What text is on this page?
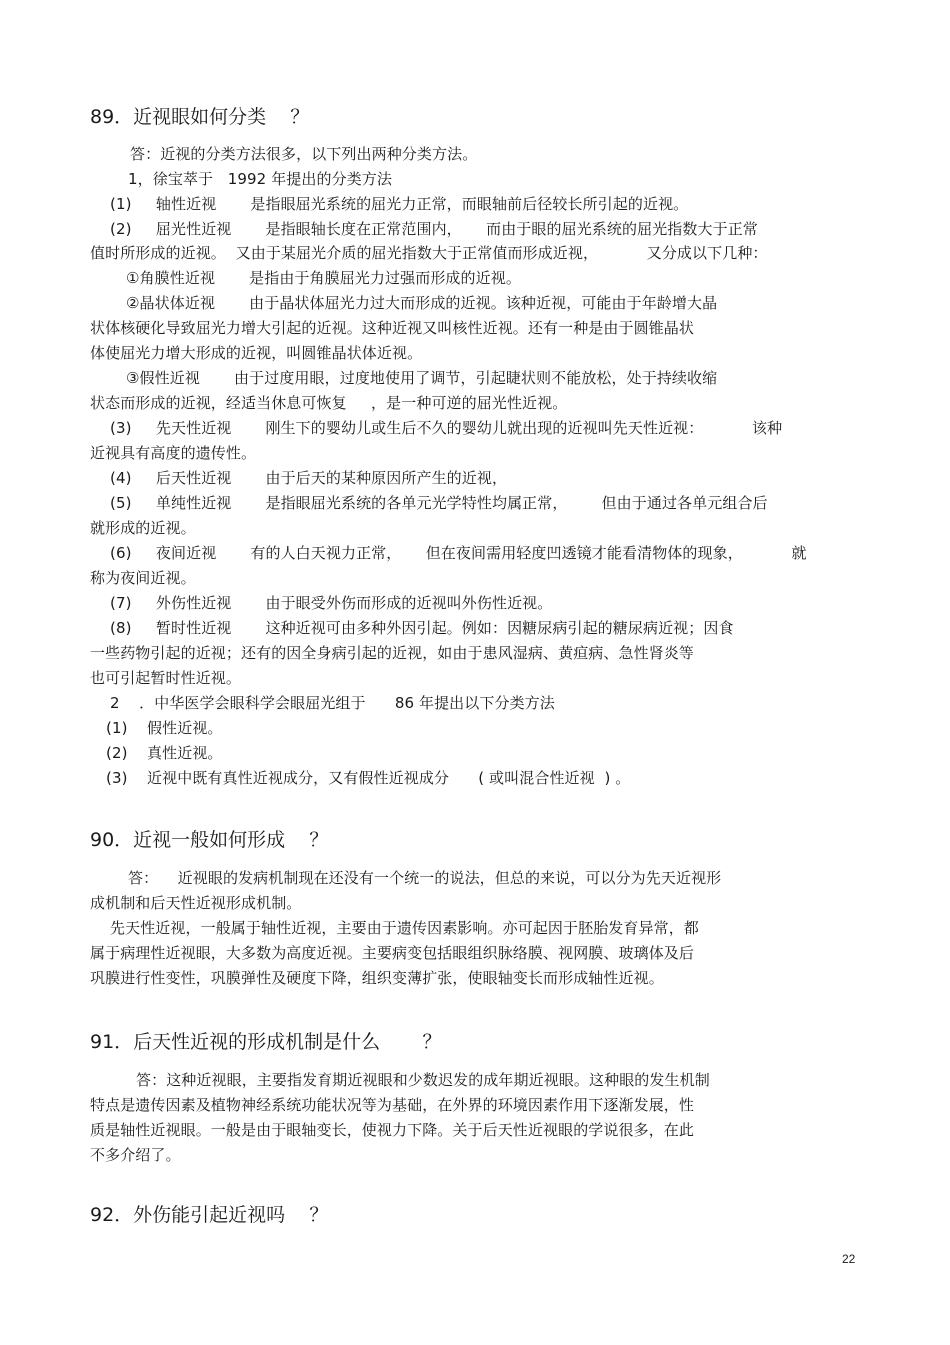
89．近视眼如何分类    ？
答：近视的分类方法很多，以下列出两种分类方法。
1，徐宝萃于   1992 年提出的分类方法
(1)     轴性近视       是指眼屈光系统的屈光力正常，而眼轴前后径较长所引起的近视。
(2)     屈光性近视       是指眼轴长度在正常范围内，     而由于眼的屈光系统的屈光指数大于正常
值时所形成的近视。  又由于某屈光介质的屈光指数大于正常值而形成近视，          又分成以下几种：
①角膜性近视       是指由于角膜屈光力过强而形成的近视。
②晶状体近视       由于晶状体屈光力过大而形成的近视。该种近视，可能由于年龄增大晶
状体核硬化导致屈光力增大引起的近视。这种近视又叫核性近视。还有一种是由于圆锥晶状
体使屈光力增大形成的近视，叫圆锥晶状体近视。
③假性近视       由于过度用眼，过度地使用了调节，引起睫状则不能放松，处于持续收缩
状态而形成的近视，经适当休息可恢复     ，是一种可逆的屈光性近视。
(3)     先天性近视       刚生下的婴幼儿或生后不久的婴幼儿就出现的近视叫先天性近视：          该种
近视具有高度的遗传性。
(4)     后天性近视       由于后天的某种原因所产生的近视，
(5)     单纯性近视       是指眼屈光系统的各单元光学特性均属正常，       但由于通过各单元组合后
就形成的近视。
(6)     夜间近视       有的人白天视力正常，     但在夜间需用轻度凹透镜才能看清物体的现象，          就
称为夜间近视。
(7)     外伤性近视       由于眼受外伤而形成的近视叫外伤性近视。
(8)     暂时性近视       这种近视可由多种外因引起。例如：因糖尿病引起的糖尿病近视；因食
一些药物引起的近视；还有的因全身病引起的近视，如由于患风湿病、黄疸病、急性肾炎等
也可引起暂时性近视。
2    ．中华医学会眼科学会眼屈光组于      86 年提出以下分类方法
(1)    假性近视。
(2)    真性近视。
(3)    近视中既有真性近视成分，又有假性近视成分      ( 或叫混合性近视  ) 。
90．近视一般如何形成    ？
答：    近视眼的发病机制现在还没有一个统一的说法，但总的来说，可以分为先天近视形
成机制和后天性近视形成机制。
先天性近视，一般属于轴性近视，主要由于遗传因素影响。亦可起因于胚胎发育异常，都
属于病理性近视眼，大多数为高度近视。主要病变包括眼组织脉络膜、视网膜、玻璃体及后
巩膜进行性变性，巩膜弹性及硬度下降，组织变薄扩张，使眼轴变长而形成轴性近视。
91．后天性近视的形成机制是什么       ？
答：这种近视眼，主要指发育期近视眼和少数迟发的成年期近视眼。这种眼的发生机制
特点是遗传因素及植物神经系统功能状况等为基础，在外界的环境因素作用下逐渐发展，性
质是轴性近视眼。一般是由于眼轴变长，使视力下降。关于后天性近视眼的学说很多，在此
不多介绍了。
92．外伤能引起近视吗    ？
22
